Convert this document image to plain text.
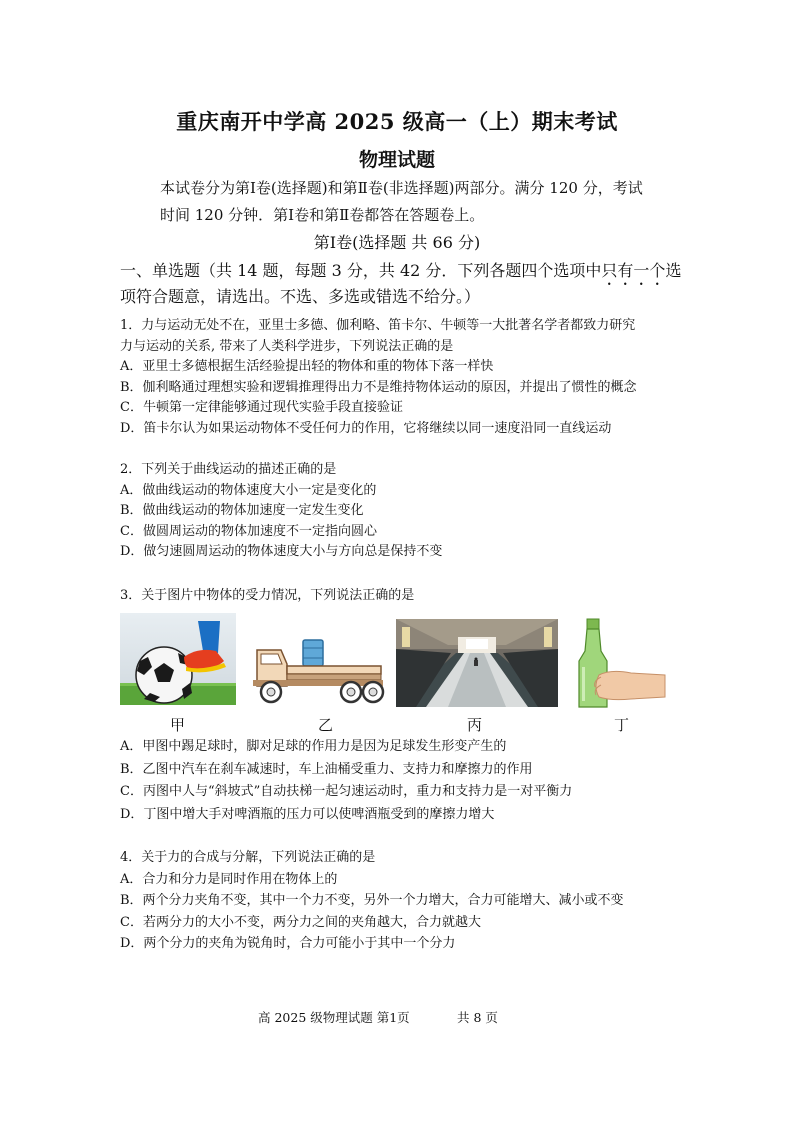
重庆南开中学高 2025 级高一（上）期末考试
物理试题
本试卷分为第Ⅰ卷(选择题)和第Ⅱ卷(非选择题)两部分。满分 120 分，考试
时间 120 分钟．第Ⅰ卷和第Ⅱ卷都答在答题卷上。
第Ⅰ卷(选择题 共 66 分)
一、单选题（共 14 题，每题 3 分，共 42 分．下列各题四个选项中只有一个选
项符合题意，请选出。不选、多选或错选不给分。）
1．力与运动无处不在，亚里士多德、伽利略、笛卡尔、牛顿等一大批著名学者都致力研究
力与运动的关系, 带来了人类科学进步，下列说法正确的是
A．亚里士多德根据生活经验提出轻的物体和重的物体下落一样快
B．伽利略通过理想实验和逻辑推理得出力不是维持物体运动的原因，并提出了惯性的概念
C．牛顿第一定律能够通过现代实验手段直接验证
D．笛卡尔认为如果运动物体不受任何力的作用，它将继续以同一速度沿同一直线运动
2．下列关于曲线运动的描述正确的是
A．做曲线运动的物体速度大小一定是变化的
B．做曲线运动的物体加速度一定发生变化
C．做圆周运动的物体加速度不一定指向圆心
D．做匀速圆周运动的物体速度大小与方向总是保持不变
3．关于图片中物体的受力情况，下列说法正确的是
甲	乙	丙	丁
A．甲图中踢足球时，脚对足球的作用力是因为足球发生形变产生的
B．乙图中汽车在刹车减速时，车上油桶受重力、支持力和摩擦力的作用
C．丙图中人与“斜坡式”自动扶梯一起匀速运动时，重力和支持力是一对平衡力
D．丁图中增大手对啤酒瓶的压力可以使啤酒瓶受到的摩擦力增大
4．关于力的合成与分解，下列说法正确的是
A．合力和分力是同时作用在物体上的
B．两个分力夹角不变，其中一个力不变，另外一个力增大，合力可能增大、减小或不变
C．若两分力的大小不变，两分力之间的夹角越大，合力就越大
D．两个分力的夹角为锐角时，合力可能小于其中一个分力
高 2025 级物理试题 第1页	共 8 页
